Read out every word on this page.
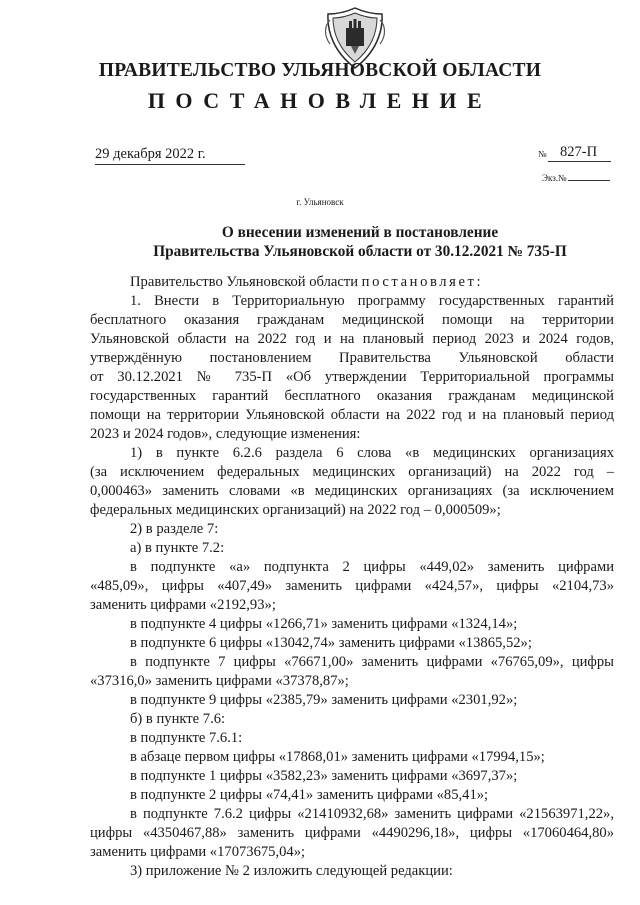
ПРАВИТЕЛЬСТВО УЛЬЯНОВСКОЙ ОБЛАСТИ
ПОСТАНОВЛЕНИЕ
29 декабря 2022 г.	№ 827-П
Экз.№
г. Ульяновск
О внесении изменений в постановление
Правительства Ульяновской области от 30.12.2021 № 735-П
Правительство Ульяновской области постановляет:
1. Внести в Территориальную программу государственных гарантий
бесплатного оказания гражданам медицинской помощи на территории
Ульяновской области на 2022 год и на плановый период 2023 и 2024 годов,
утверждённую постановлением Правительства Ульяновской области
от 30.12.2021 № 735-П «Об утверждении Территориальной программы
государственных гарантий бесплатного оказания гражданам медицинской
помощи на территории Ульяновской области на 2022 год и на плановый период
2023 и 2024 годов», следующие изменения:
1) в пункте 6.2.6 раздела 6 слова «в медицинских организациях
(за исключением федеральных медицинских организаций) на 2022 год –
0,000463» заменить словами «в медицинских организациях (за исключением
федеральных медицинских организаций) на 2022 год – 0,000509»;
2) в разделе 7:
а) в пункте 7.2:
в подпункте «а» подпункта 2 цифры «449,02» заменить цифрами
«485,09», цифры «407,49» заменить цифрами «424,57», цифры «2104,73»
заменить цифрами «2192,93»;
в подпункте 4 цифры «1266,71» заменить цифрами «1324,14»;
в подпункте 6 цифры «13042,74» заменить цифрами «13865,52»;
в подпункте 7 цифры «76671,00» заменить цифрами «76765,09», цифры
«37316,0» заменить цифрами «37378,87»;
в подпункте 9 цифры «2385,79» заменить цифрами «2301,92»;
б) в пункте 7.6:
в подпункте 7.6.1:
в абзаце первом цифры «17868,01» заменить цифрами «17994,15»;
в подпункте 1 цифры «3582,23» заменить цифрами «3697,37»;
в подпункте 2 цифры «74,41» заменить цифрами «85,41»;
в подпункте 7.6.2 цифры «21410932,68» заменить цифрами «21563971,22»,
цифры «4350467,88» заменить цифрами «4490296,18», цифры «17060464,80»
заменить цифрами «17073675,04»;
3) приложение № 2 изложить следующей редакции:
